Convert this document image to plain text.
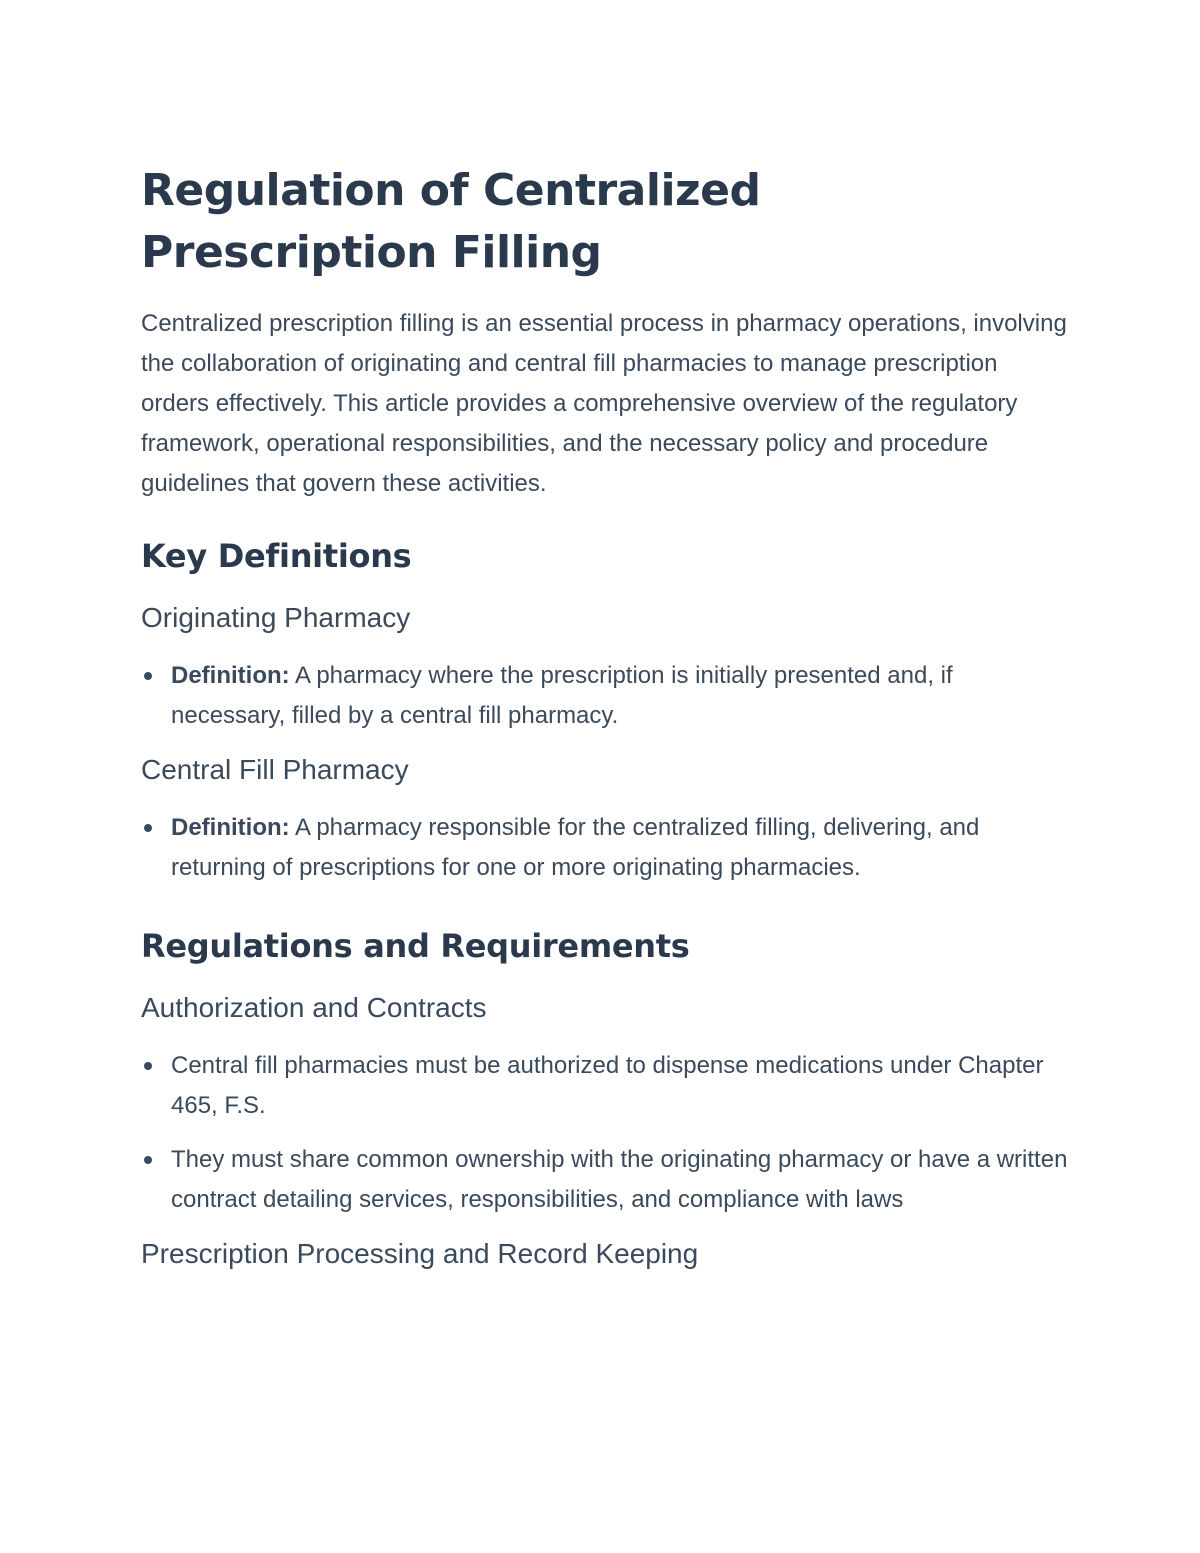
Regulation of Centralized Prescription Filling

Centralized prescription filling is an essential process in pharmacy operations, involving the collaboration of originating and central fill pharmacies to manage prescription orders effectively. This article provides a comprehensive overview of the regulatory framework, operational responsibilities, and the necessary policy and procedure guidelines that govern these activities.

Key Definitions
Originating Pharmacy
Definition: A pharmacy where the prescription is initially presented and, if necessary, filled by a central fill pharmacy.
Central Fill Pharmacy
Definition: A pharmacy responsible for the centralized filling, delivering, and returning of prescriptions for one or more originating pharmacies.
Regulations and Requirements
Authorization and Contracts
Central fill pharmacies must be authorized to dispense medications under Chapter 465, F.S.
They must share common ownership with the originating pharmacy or have a written contract detailing services, responsibilities, and compliance with laws
Prescription Processing and Record Keeping
